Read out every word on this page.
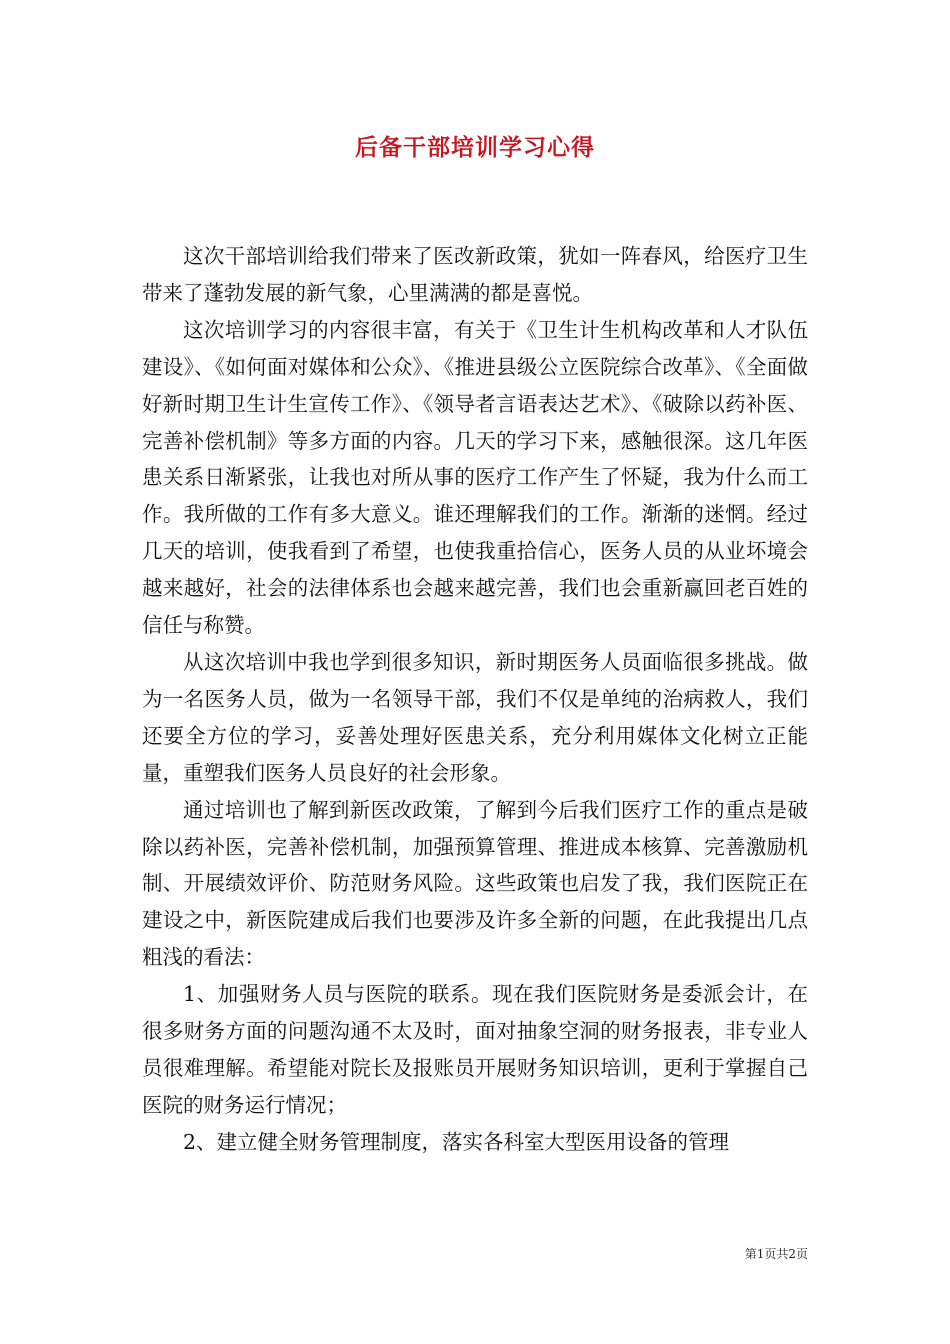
后备干部培训学习心得

这次干部培训给我们带来了医改新政策，犹如一阵春风，给医疗卫生带来了蓬勃发展的新气象，心里满满的都是喜悦。

这次培训学习的内容很丰富，有关于《卫生计生机构改革和人才队伍建设》、《如何面对媒体和公众》、《推进县级公立医院综合改革》、《全面做好新时期卫生计生宣传工作》、《领导者言语表达艺术》、《破除以药补医、完善补偿机制》等多方面的内容。几天的学习下来，感触很深。这几年医患关系日渐紧张，让我也对所从事的医疗工作产生了怀疑，我为什么而工作。我所做的工作有多大意义。谁还理解我们的工作。渐渐的迷惘。经过几天的培训，使我看到了希望，也使我重拾信心，医务人员的从业坏境会越来越好，社会的法律体系也会越来越完善，我们也会重新赢回老百姓的信任与称赞。

从这次培训中我也学到很多知识，新时期医务人员面临很多挑战。做为一名医务人员，做为一名领导干部，我们不仅是单纯的治病救人，我们还要全方位的学习，妥善处理好医患关系，充分利用媒体文化树立正能量，重塑我们医务人员良好的社会形象。

通过培训也了解到新医改政策，了解到今后我们医疗工作的重点是破除以药补医，完善补偿机制，加强预算管理、推进成本核算、完善激励机制、开展绩效评价、防范财务风险。这些政策也启发了我，我们医院正在建设之中，新医院建成后我们也要涉及许多全新的问题，在此我提出几点粗浅的看法：

1、加强财务人员与医院的联系。现在我们医院财务是委派会计，在很多财务方面的问题沟通不太及时，面对抽象空洞的财务报表，非专业人员很难理解。希望能对院长及报账员开展财务知识培训，更利于掌握自己医院的财务运行情况；

2、建立健全财务管理制度，落实各科室大型医用设备的管理

第1页共2页
